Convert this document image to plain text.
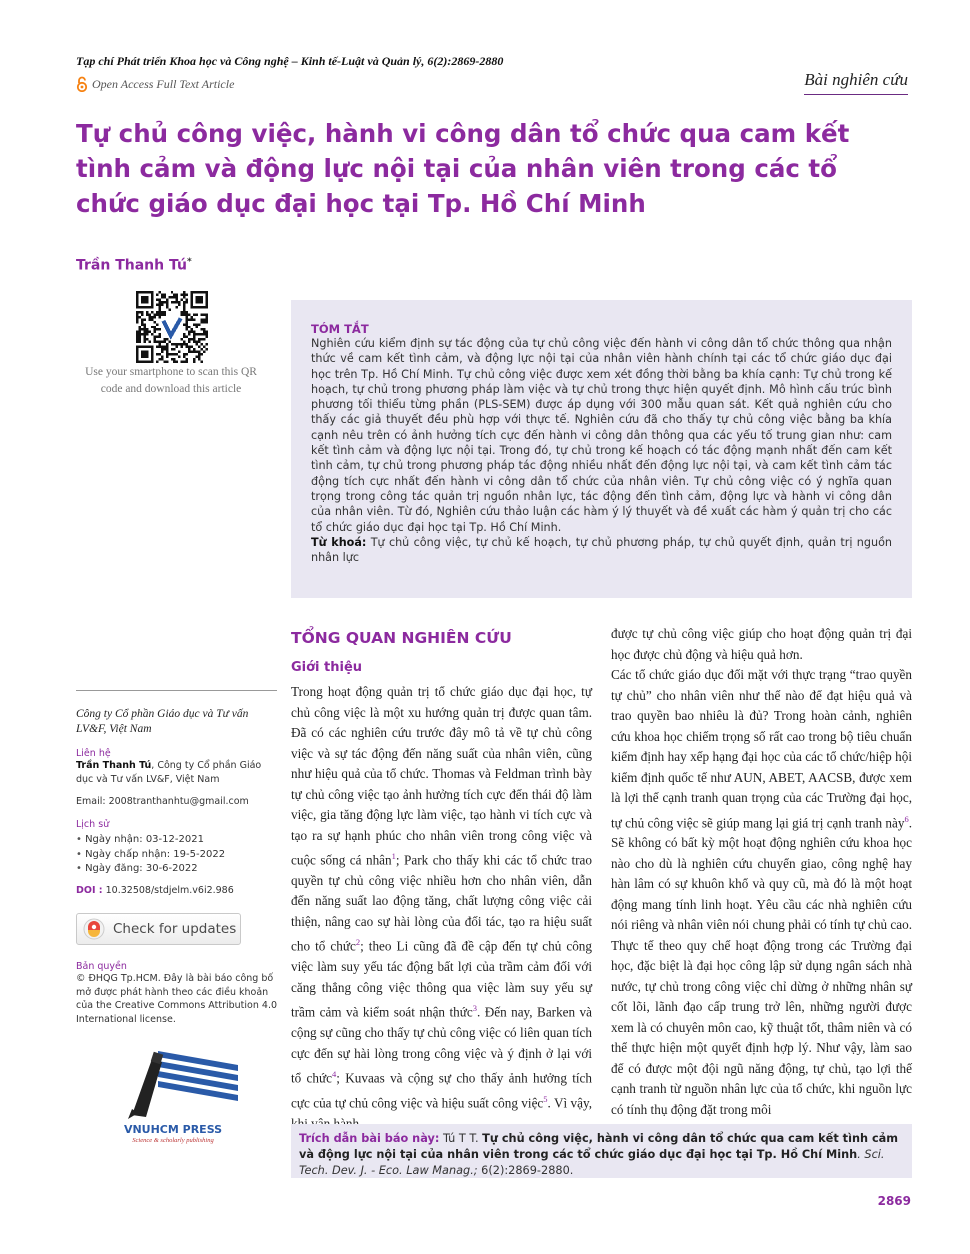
Tạp chí Phát triển Khoa học và Công nghệ – Kinh tế-Luật và Quản lý, 6(2):2869-2880
Open Access Full Text Article	Bài nghiên cứu
Tự chủ công việc, hành vi công dân tổ chức qua cam kết tình cảm và động lực nội tại của nhân viên trong các tổ chức giáo dục đại học tại Tp. Hồ Chí Minh
Trần Thanh Tú*
Use your smartphone to scan this QR code and download this article

TÓM TẮT

Nghiên cứu kiểm định sự tác động của tự chủ công việc đến hành vi công dân tổ chức thông qua nhận thức về cam kết tình cảm, và động lực nội tại của nhân viên hành chính tại các tổ chức giáo dục đại học trên Tp. Hồ Chí Minh. Tự chủ công việc được xem xét đồng thời bằng ba khía cạnh: Tự chủ trong kế hoạch, tự chủ trong phương pháp làm việc và tự chủ trong thực hiện quyết định. Mô hình cấu trúc bình phương tối thiểu từng phần (PLS-SEM) được áp dụng với 300 mẫu quan sát. Kết quả nghiên cứu cho thấy các giả thuyết đều phù hợp với thực tế. Nghiên cứu đã cho thấy tự chủ công việc bằng ba khía cạnh nêu trên có ảnh hưởng tích cực đến hành vi công dân thông qua các yếu tố trung gian như: cam kết tình cảm và động lực nội tại. Trong đó, tự chủ trong kế hoạch có tác động mạnh nhất đến cam kết tình cảm, tự chủ trong phương pháp tác động nhiều nhất đến động lực nội tại, và cam kết tình cảm tác động tích cực nhất đến hành vi công dân tổ chức của nhân viên. Tự chủ công việc có ý nghĩa quan trọng trong công tác quản trị nguồn nhân lực, tác động đến tình cảm, động lực và hành vi công dân của nhân viên. Từ đó, Nghiên cứu thảo luận các hàm ý lý thuyết và đề xuất các hàm ý quản trị cho các tổ chức giáo dục đại học tại Tp. Hồ Chí Minh.

Từ khoá: Tự chủ công việc, tự chủ kế hoạch, tự chủ phương pháp, tự chủ quyết định, quản trị nguồn nhân lực

Công ty Cổ phần Giáo dục và Tư vấn LV&F, Việt Nam
Liên hệ
Trần Thanh Tú, Công ty Cổ phần Giáo dục và Tư vấn LV&F, Việt Nam
Email: 2008tranthanhtu@gmail.com
Lịch sử
• Ngày nhận: 03-12-2021
• Ngày chấp nhận: 19-5-2022
• Ngày đăng: 30-6-2022
DOI : 10.32508/stdjelm.v6i2.986
Check for updates
Bản quyền
© ĐHQG Tp.HCM. Đây là bài báo công bố mở được phát hành theo các điều khoản của the Creative Commons Attribution 4.0 International license.
VNUHCM PRESS
Science & scholarly publishing
TỔNG QUAN NGHIÊN CỨU
Giới thiệu

Trong hoạt động quản trị tổ chức giáo dục đại học, tự chủ công việc là một xu hướng quản trị được quan tâm. Đã có các nghiên cứu trước đây mô tả về tự chủ công việc và sự tác động đến năng suất của nhân viên, cũng như hiệu quả của tổ chức. Thomas và Feldman trình bày tự chủ công việc tạo ảnh hưởng tích cực đến thái độ làm việc, gia tăng động lực làm việc, tạo hành vi tích cực và tạo ra sự hạnh phúc cho nhân viên trong công việc và cuộc sống cá nhân$^1$; Park cho thấy khi các tổ chức trao quyền tự chủ công việc nhiều hơn cho nhân viên, dẫn đến năng suất lao động tăng, chất lượng công việc cải thiện, nâng cao sự hài lòng của đối tác, tạo ra hiệu suất cho tổ chức$^2$; theo Li cũng đã đề cập đến tự chủ công việc làm suy yếu tác động bất lợi của trầm cảm đối với căng thẳng công việc thông qua việc làm suy yếu sự trầm cảm và kiểm soát nhận thức$^3$. Đến nay, Barken và cộng sự cũng cho thấy tự chủ công việc có liên quan tích cực đến sự hài lòng trong công việc và ý định ở lại với tổ chức$^4$; Kuvaas và cộng sự cho thấy ảnh hưởng tích cực của tự chủ công việc và hiệu suất công việc$^5$. Vì vậy,

được tự chủ công việc giúp cho hoạt động quản trị đại học được chủ động và hiệu quả hơn.

Các tổ chức giáo dục đối mặt với thực trạng “trao quyền tự chủ” cho nhân viên như thế nào để đạt hiệu quả và trao quyền bao nhiêu là đủ? Trong hoàn cảnh, nghiên cứu khoa học chiếm trọng số rất cao trong bộ tiêu chuẩn kiểm định hay xếp hạng đại học của các tổ chức/hiệp hội kiểm định quốc tế như AUN, ABET, AACSB, được xem là lợi thế cạnh tranh quan trọng của các Trường đại học, tự chủ công việc sẽ giúp mang lại giá trị cạnh tranh này$^6$. Sẽ không có bất kỳ một hoạt động nghiên cứu khoa học nào cho dù là nghiên cứu chuyển giao, công nghệ hay hàn lâm có sự khuôn khổ và quy cũ, mà đó là một hoạt động mang tính linh hoạt. Yêu cầu các nhà nghiên cứu nói riêng và nhân viên nói chung phải có tính tự chủ cao. Thực tế theo quy chế hoạt động trong các Trường đại học, đặc biệt là đại học công lập sử dụng ngân sách nhà nước, tự chủ trong công việc chỉ dừng ở những nhân sự cốt lõi, lãnh đạo cấp trung trở lên, những người được xem là có chuyên môn cao, kỹ thuật tốt, thâm niên và có thể thực hiện một quyết định hợp lý. Như vậy, làm sao để có được một đội ngũ năng động, tự chủ, tạo lợi thế cạnh tranh từ nguồn nhân lực của tổ chức, khi nguồn lực có tính thụ động đặt trong môi

Trích dẫn bài báo này: Tú T T. Tự chủ công việc, hành vi công dân tổ chức qua cam kết tình cảm và động lực nội tại của nhân viên trong các tổ chức giáo dục đại học tại Tp. Hồ Chí Minh. Sci. Tech. Dev. J. - Eco. Law Manag.; 6(2):2869-2880.
2869
